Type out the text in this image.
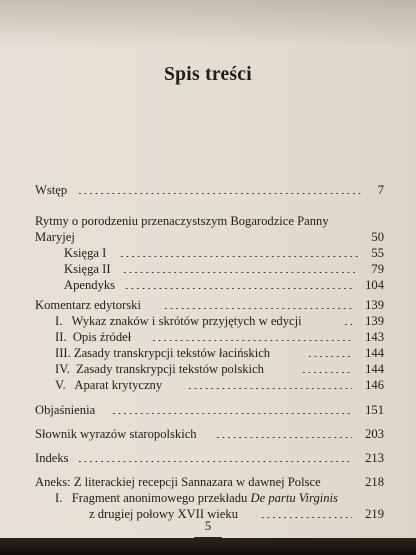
Spis treści
Wstęp	7
Rytmy o porodzeniu przenaczystszym Bogarodzice Panny
Maryjej	50
Księga I	55
Księga II	79
Apendyks	104
Komentarz edytorski	139
I.   Wykaz znaków i skrótów przyjętych w edycji	139
II.  Opis źródeł	143
III. Zasady transkrypcji tekstów łacińskich	144
IV.  Zasady transkrypcji tekstów polskich	144
V.   Aparat krytyczny	146
Objaśnienia	151
Słownik wyrazów staropolskich	203
Indeks	213
Aneks: Z literackiej recepcji Sannazara w dawnej Polsce	218
I.   Fragment anonimowego przekładu De partu Virginis
z drugiej połowy XVII wieku	219
5
